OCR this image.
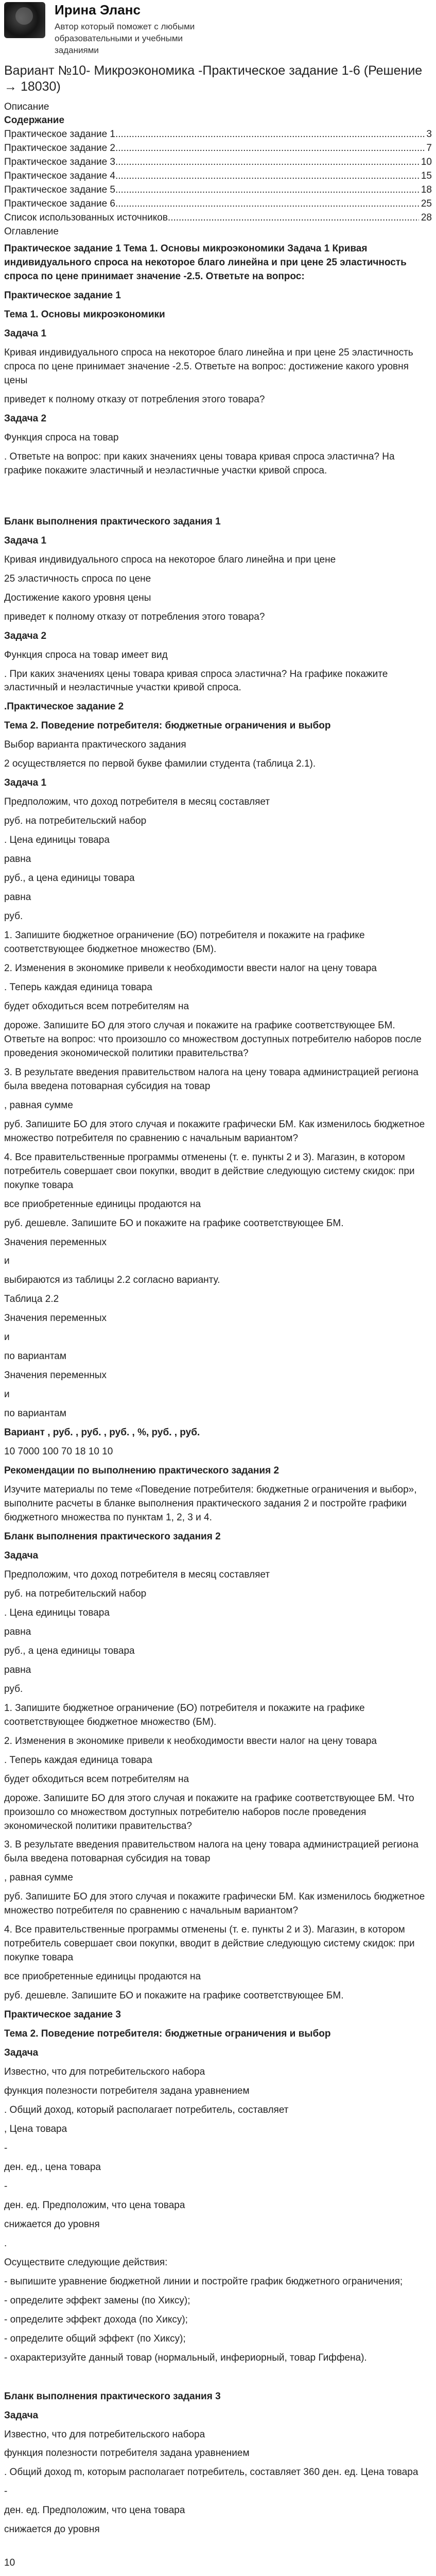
Ирина Эланс
Автор который поможет с любыми образовательными и учебными заданиями
Вариант №10- Микроэкономика -Практическое задание 1-6 (Решение → 18030)
Описание
Содержание
Практическое задание 1 .....	3
Практическое задание 2 .....	7
Практическое задание 3 .....	10
Практическое задание 4 .....	15
Практическое задание 5 .....	18
Практическое задание 6 .....	25
Список использованных источников .....	28
Оглавление
Практическое задание 1 Тема 1. Основы микроэкономики Задача 1 Кривая индивидуального спроса на некоторое благо линейна и при цене 25 эластичность спроса по цене принимает значение -2.5. Ответьте на вопрос:
Практическое задание 1
Тема 1. Основы микроэкономики
Задача 1
Кривая индивидуального спроса на некоторое благо линейна и при цене 25 эластичность спроса по цене принимает значение -2.5. Ответьте на вопрос: достижение какого уровня цены
приведет к полному отказу от потребления этого товара?
Задача 2
Функция спроса на товар
. Ответьте на вопрос: при каких значениях цены товара кривая спроса эластична? На графике покажите эластичный и неэластичные участки кривой спроса.
Бланк выполнения практического задания 1
Задача 1
Кривая индивидуального спроса на некоторое благо линейна и при цене
25 эластичность спроса по цене
Достижение какого уровня цены
приведет к полному отказу от потребления этого товара?
Задача 2
Функция спроса на товар имеет вид
. При каких значениях цены товара кривая спроса эластична? На графике покажите эластичный и неэластичные участки кривой спроса.
.Практическое задание 2
Тема 2. Поведение потребителя: бюджетные ограничения и выбор
Выбор варианта практического задания
2 осуществляется по первой букве фамилии студента (таблица 2.1).
Задача 1
Предположим, что доход потребителя в месяц составляет
руб. на потребительский набор
. Цена единицы товара
равна
руб., а цена единицы товара
равна
руб.
1. Запишите бюджетное ограничение (БО) потребителя и покажите на графике соответствующее бюджетное множество (БМ).
2. Изменения в экономике привели к необходимости ввести налог на цену товара
. Теперь каждая единица товара
будет обходиться всем потребителям на
дороже. Запишите БО для этого случая и покажите на графике соответствующее БМ. Ответьте на вопрос: что произошло со множеством доступных потребителю наборов после проведения экономической политики правительства?
3. В результате введения правительством налога на цену товара администрацией региона была введена потоварная субсидия на товар
, равная сумме
руб. Запишите БО для этого случая и покажите графически БМ. Как изменилось бюджетное множество потребителя по сравнению с начальным вариантом?
4. Все правительственные программы отменены (т. е. пункты 2 и 3). Магазин, в котором потребитель совершает свои покупки, вводит в действие следующую систему скидок: при покупке товара
все приобретенные единицы продаются на
руб. дешевле. Запишите БО и покажите на графике соответствующее БМ.
Значения переменных
и
выбираются из таблицы 2.2 согласно варианту.
Таблица 2.2
Значения переменных
и
по вариантам
Значения переменных
и
по вариантам
Вариант , руб. , руб. , руб. , %, руб. , руб.
10 7000 100 70 18 10 10
Рекомендации по выполнению практического задания 2
Изучите материалы по теме «Поведение потребителя: бюджетные ограничения и выбор», выполните расчеты в бланке выполнения практического задания 2 и постройте графики бюджетного множества по пунктам 1, 2, 3 и 4.
Бланк выполнения практического задания 2
Задача
Предположим, что доход потребителя в месяц составляет
руб. на потребительский набор
. Цена единицы товара
равна
руб., а цена единицы товара
равна
руб.
1. Запишите бюджетное ограничение (БО) потребителя и покажите на графике соответствующее бюджетное множество (БМ).
2. Изменения в экономике привели к необходимости ввести налог на цену товара
. Теперь каждая единица товара
будет обходиться всем потребителям на
дороже. Запишите БО для этого случая и покажите на графике соответствующее БМ. Что произошло со множеством доступных потребителю наборов после проведения экономической политики правительства?
3. В результате введения правительством налога на цену товара администрацией региона была введена потоварная субсидия на товар
, равная сумме
руб. Запишите БО для этого случая и покажите графически БМ. Как изменилось бюджетное множество потребителя по сравнению с начальным вариантом?
4. Все правительственные программы отменены (т. е. пункты 2 и 3). Магазин, в котором потребитель совершает свои покупки, вводит в действие следующую систему скидок: при покупке товара
все приобретенные единицы продаются на
руб. дешевле. Запишите БО и покажите на графике соответствующее БМ.
Практическое задание 3
Тема 2. Поведение потребителя: бюджетные ограничения и выбор
Задача
Известно, что для потребительского набора
функция полезности потребителя задана уравнением
. Общий доход, который располагает потребитель, составляет
, Цена товара
-
ден. ед., цена товара
-
ден. ед. Предположим, что цена товара
снижается до уровня
.
Осуществите следующие действия:
- выпишите уравнение бюджетной линии и постройте график бюджетного ограничения;
- определите эффект замены (по Хиксу);
- определите эффект дохода (по Хиксу);
- определите общий эффект (по Хиксу);
- охарактеризуйте данный товар (нормальный, инфериорный, товар Гиффена).
Бланк выполнения практического задания 3
Задача
Известно, что для потребительского набора
функция полезности потребителя задана уравнением
. Общий доход m, которым располагает потребитель, составляет 360 ден. ед. Цена товара
-
ден. ед. Предположим, что цена товара
снижается до уровня
10
